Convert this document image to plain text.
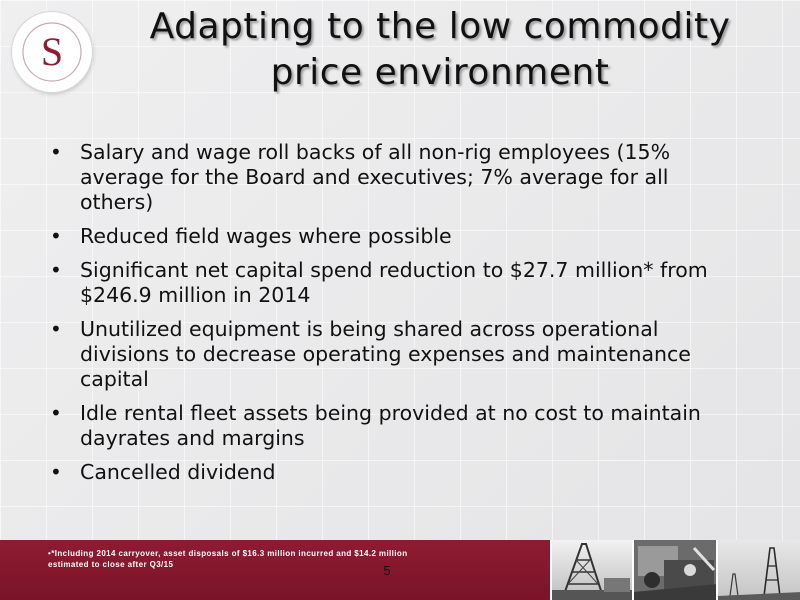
S
Adapting to the low commodity
price environment
• Salary and wage roll backs of all non-rig employees (15% average for the Board and executives; 7% average for all others)
• Reduced field wages where possible
• Significant net capital spend reduction to $27.7 million* from $246.9 million in 2014
• Unutilized equipment is being shared across operational divisions to decrease operating expenses and maintenance capital
• Idle rental fleet assets being provided at no cost to maintain dayrates and margins
• Cancelled dividend
•*Including 2014 carryover, asset disposals of $16.3 million incurred and $14.2 million estimated to close after Q3/15	5
